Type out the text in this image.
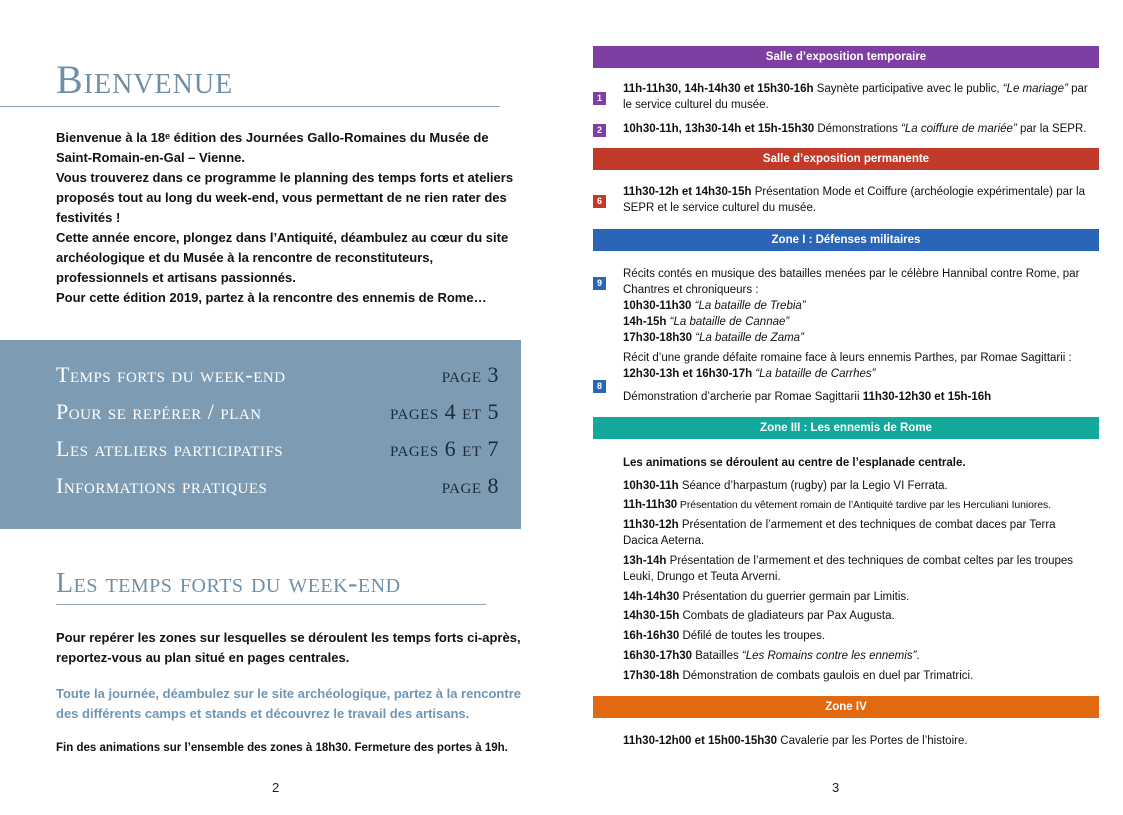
Bienvenue

Bienvenue à la 18ᵉ édition des Journées Gallo-Romaines du Musée de Saint-Romain-en-Gal – Vienne.

Vous trouverez dans ce programme le planning des temps forts et ateliers proposés tout au long du week-end, vous permettant de ne rien rater des festivités !

Cette année encore, plongez dans l’Antiquité, déambulez au cœur du site archéologique et du Musée à la rencontre de reconstituteurs, professionnels et artisans passionnés.

Pour cette édition 2019, partez à la rencontre des ennemis de Rome…

Temps forts du week-end	page 3
Pour se repérer / plan	pages 4 et 5
Les ateliers participatifs	pages 6 et 7
Informations pratiques	page 8
Les temps forts du week-end

Pour repérer les zones sur lesquelles se déroulent les temps forts ci-après, reportez-vous au plan situé en pages centrales.

Toute la journée, déambulez sur le site archéologique, partez à la rencontre des différents camps et stands et découvrez le travail des artisans.

Fin des animations sur l’ensemble des zones à 18h30. Fermeture des portes à 19h.

2
Salle d’exposition temporaire
1
11h-11h30, 14h-14h30 et 15h30-16h Saynète participative avec le public, “Le mariage” par le service culturel du musée.
2	10h30-11h, 13h30-14h et 15h-15h30 Démonstrations “La coiffure de mariée” par la SEPR.
Salle d’exposition permanente
6
11h30-12h et 14h30-15h Présentation Mode et Coiffure (archéologie expérimentale) par la SEPR et le service culturel du musée.
Zone I : Défenses militaires
9
Récits contés en musique des batailles menées par le célèbre Hannibal contre Rome, par Chantres et chroniqueurs :
10h30-11h30 “La bataille de Trebia”
14h-15h “La bataille de Cannae”
17h30-18h30 “La bataille de Zama”
Récit d’une grande défaite romaine face à leurs ennemis Parthes, par Romae Sagittarii :
12h30-13h et 16h30-17h “La bataille de Carrhes”
8
Démonstration d’archerie par Romae Sagittarii 11h30-12h30 et 15h-16h
Zone III : Les ennemis de Rome
Les animations se déroulent au centre de l’esplanade centrale.
10h30-11h Séance d’harpastum (rugby) par la Legio VI Ferrata.
11h-11h30 Présentation du vêtement romain de l’Antiquité tardive par les Herculiani Iuniores.
11h30-12h Présentation de l’armement et des techniques de combat daces par Terra Dacica Aeterna.
13h-14h Présentation de l’armement et des techniques de combat celtes par les troupes Leuki, Drungo et Teuta Arverni.
14h-14h30 Présentation du guerrier germain par Limitis.
14h30-15h Combats de gladiateurs par Pax Augusta.
16h-16h30 Défilé de toutes les troupes.
16h30-17h30 Batailles “Les Romains contre les ennemis”.
17h30-18h Démonstration de combats gaulois en duel par Trimatrici.
Zone IV
11h30-12h00 et 15h00-15h30 Cavalerie par les Portes de l’histoire.
3
